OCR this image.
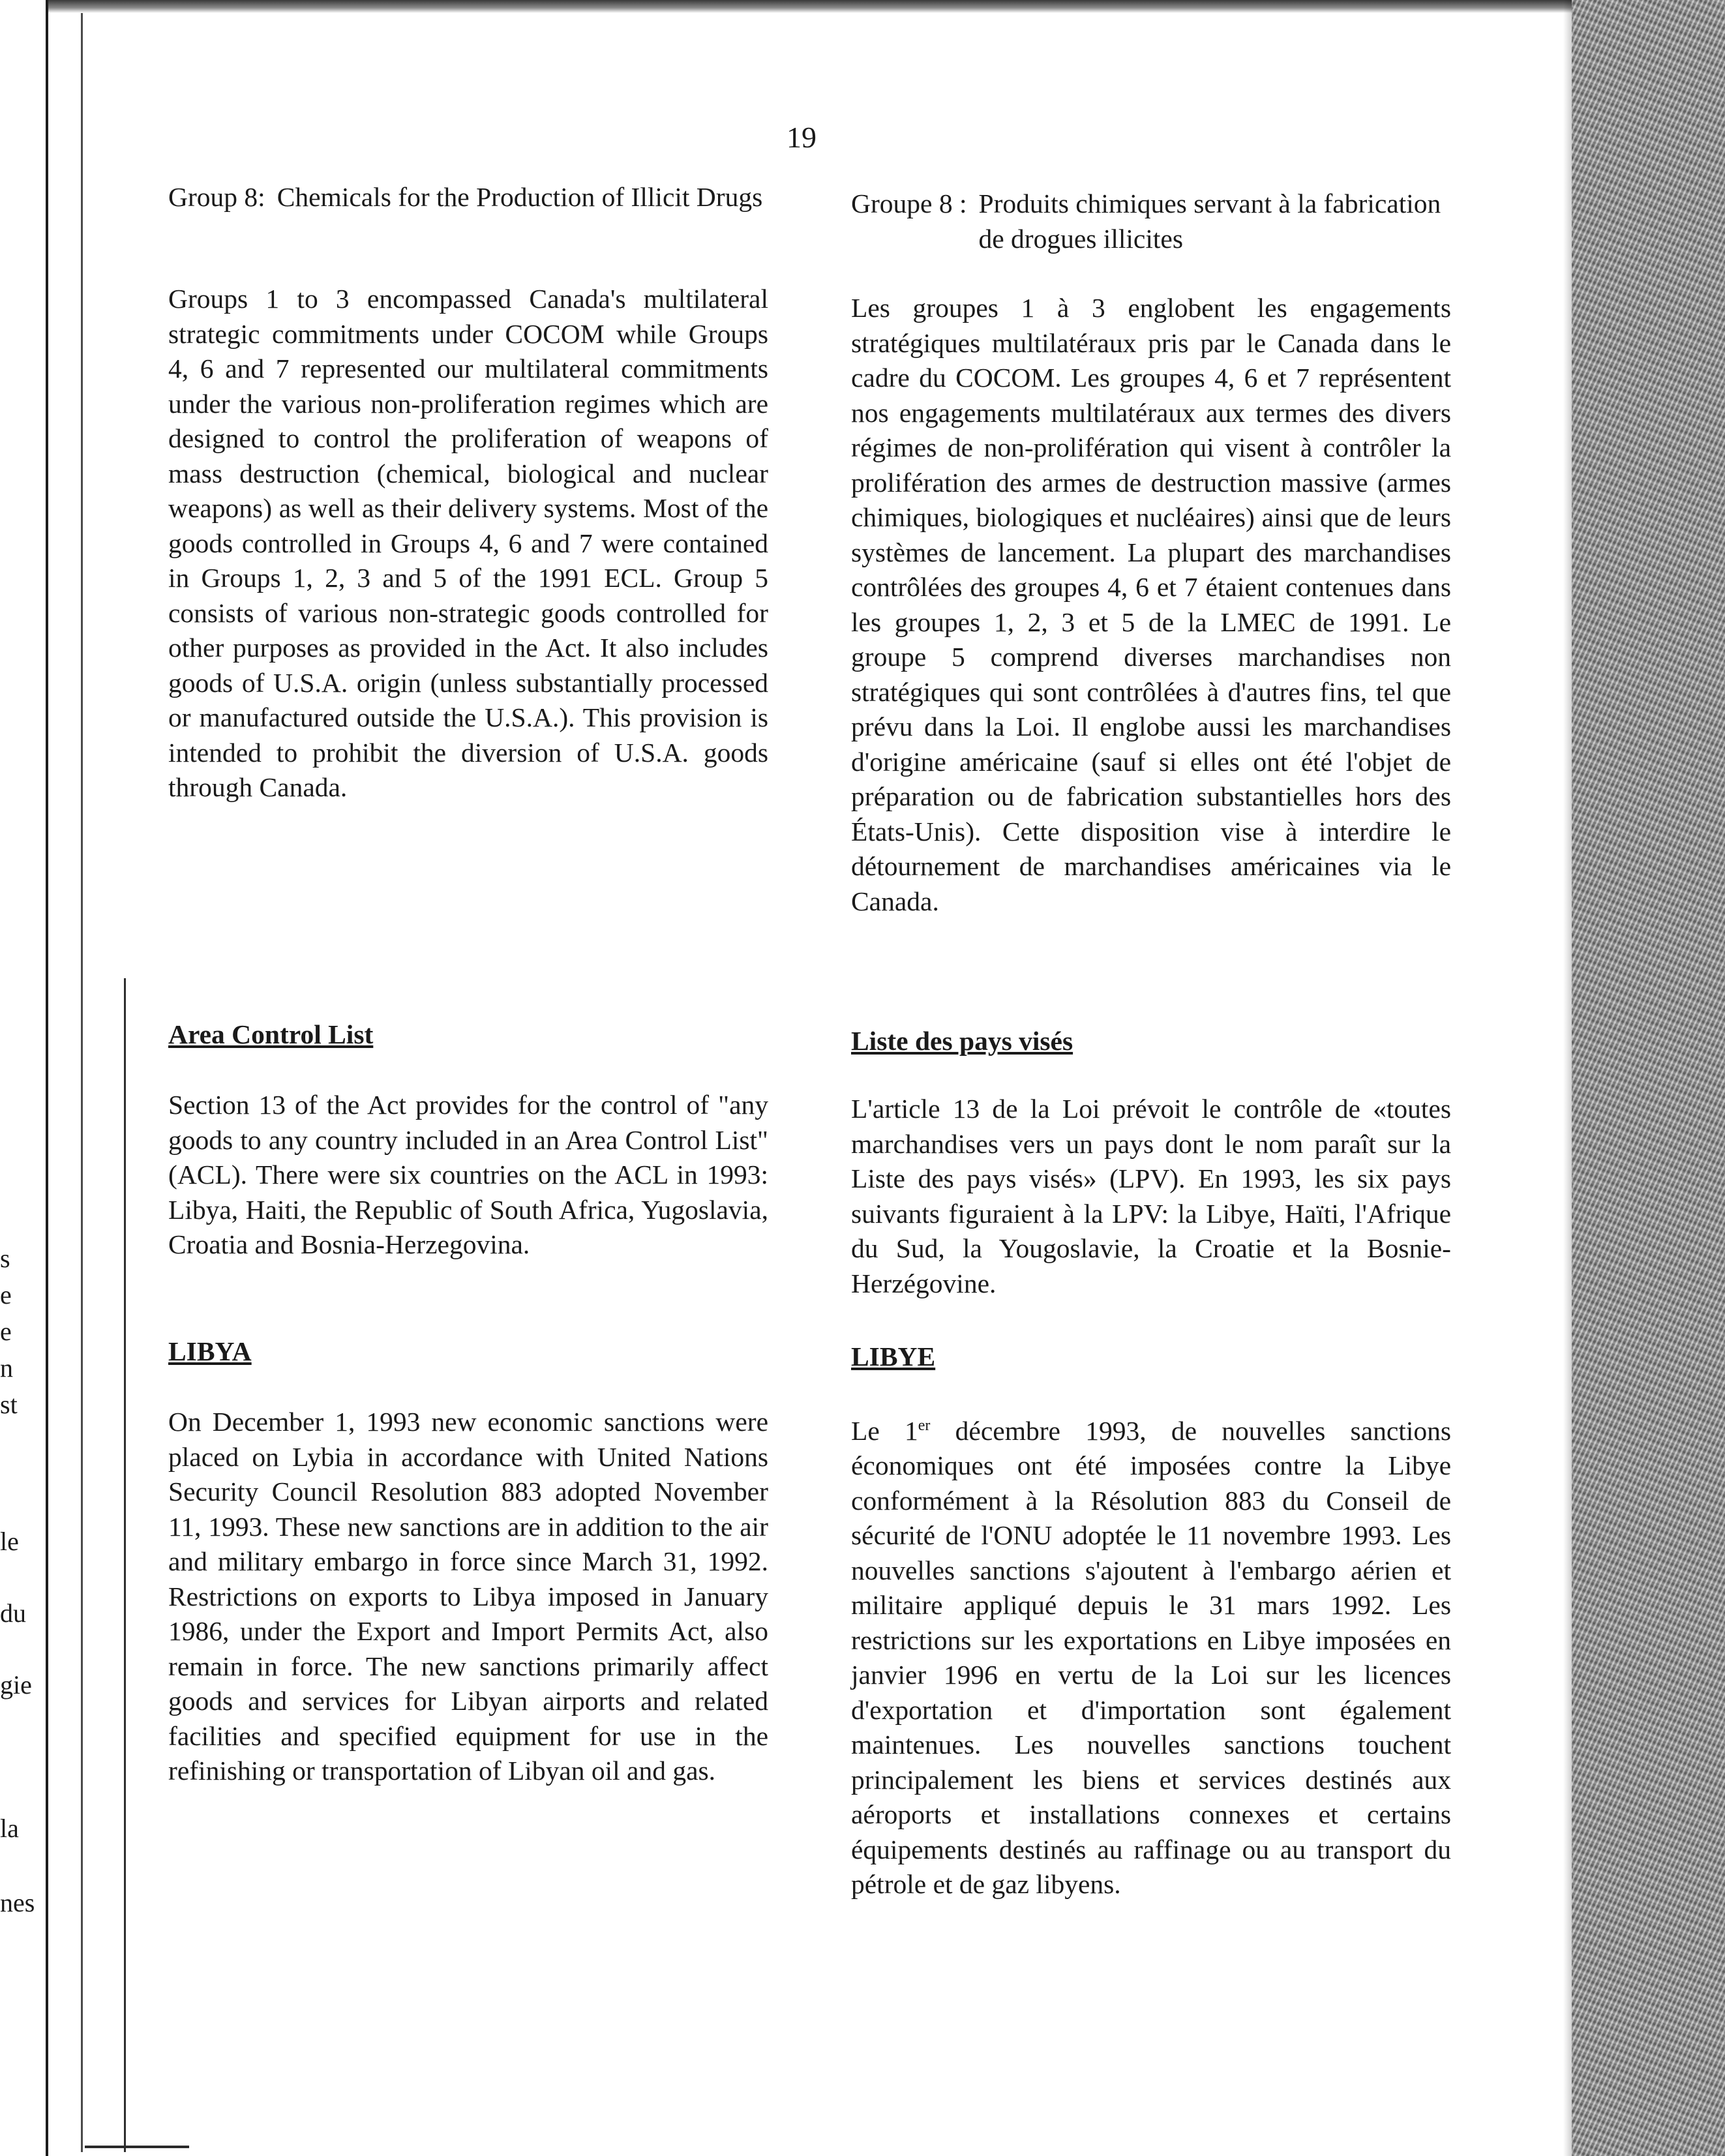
s
e
e
n
st
le
du
gie
la
nes
19
Group 8: Chemicals for the Production of Illicit Drugs

Groups 1 to 3 encompassed Canada's multilateral strategic commitments under COCOM while Groups 4, 6 and 7 represented our multilateral commitments under the various non-proliferation regimes which are designed to control the proliferation of weapons of mass destruction (chemical, biological and nuclear weapons) as well as their delivery systems. Most of the goods controlled in Groups 4, 6 and 7 were contained in Groups 1, 2, 3 and 5 of the 1991 ECL. Group 5 consists of various non-strategic goods controlled for other purposes as provided in the Act. It also includes goods of U.S.A. origin (unless substantially processed or manufactured outside the U.S.A.). This provision is intended to prohibit the diversion of U.S.A. goods through Canada.

Area Control List

Section 13 of the Act provides for the control of "any goods to any country included in an Area Control List" (ACL). There were six countries on the ACL in 1993: Libya, Haiti, the Republic of South Africa, Yugoslavia, Croatia and Bosnia-Herzegovina.

LIBYA

On December 1, 1993 new economic sanctions were placed on Lybia in accordance with United Nations Security Council Resolution 883 adopted November 11, 1993. These new sanctions are in addition to the air and military embargo in force since March 31, 1992. Restrictions on exports to Libya imposed in January 1986, under the Export and Import Permits Act, also remain in force. The new sanctions primarily affect goods and services for Libyan airports and related facilities and specified equipment for use in the refinishing or transportation of Libyan oil and gas.

Groupe 8 : Produits chimiques servant à la fabrication de drogues illicites

Les groupes 1 à 3 englobent les engagements stratégiques multilatéraux pris par le Canada dans le cadre du COCOM. Les groupes 4, 6 et 7 représentent nos engagements multilatéraux aux termes des divers régimes de non-prolifération qui visent à contrôler la prolifération des armes de destruction massive (armes chimiques, biologiques et nucléaires) ainsi que de leurs systèmes de lancement. La plupart des marchandises contrôlées des groupes 4, 6 et 7 étaient contenues dans les groupes 1, 2, 3 et 5 de la LMEC de 1991. Le groupe 5 comprend diverses marchandises non stratégiques qui sont contrôlées à d'autres fins, tel que prévu dans la Loi. Il englobe aussi les marchandises d'origine américaine (sauf si elles ont été l'objet de préparation ou de fabrication substantielles hors des États-Unis). Cette disposition vise à interdire le détournement de marchandises américaines via le Canada.

Liste des pays visés

L'article 13 de la Loi prévoit le contrôle de «toutes marchandises vers un pays dont le nom paraît sur la Liste des pays visés» (LPV). En 1993, les six pays suivants figuraient à la LPV: la Libye, Haïti, l'Afrique du Sud, la Yougoslavie, la Croatie et la Bosnie-Herzégovine.

LIBYE

Le 1er décembre 1993, de nouvelles sanctions économiques ont été imposées contre la Libye conformément à la Résolution 883 du Conseil de sécurité de l'ONU adoptée le 11 novembre 1993. Les nouvelles sanctions s'ajoutent à l'embargo aérien et militaire appliqué depuis le 31 mars 1992. Les restrictions sur les exportations en Libye imposées en janvier 1996 en vertu de la Loi sur les licences d'exportation et d'importation sont également maintenues. Les nouvelles sanctions touchent principalement les biens et services destinés aux aéroports et installations connexes et certains équipements destinés au raffinage ou au transport du pétrole et de gaz libyens.
